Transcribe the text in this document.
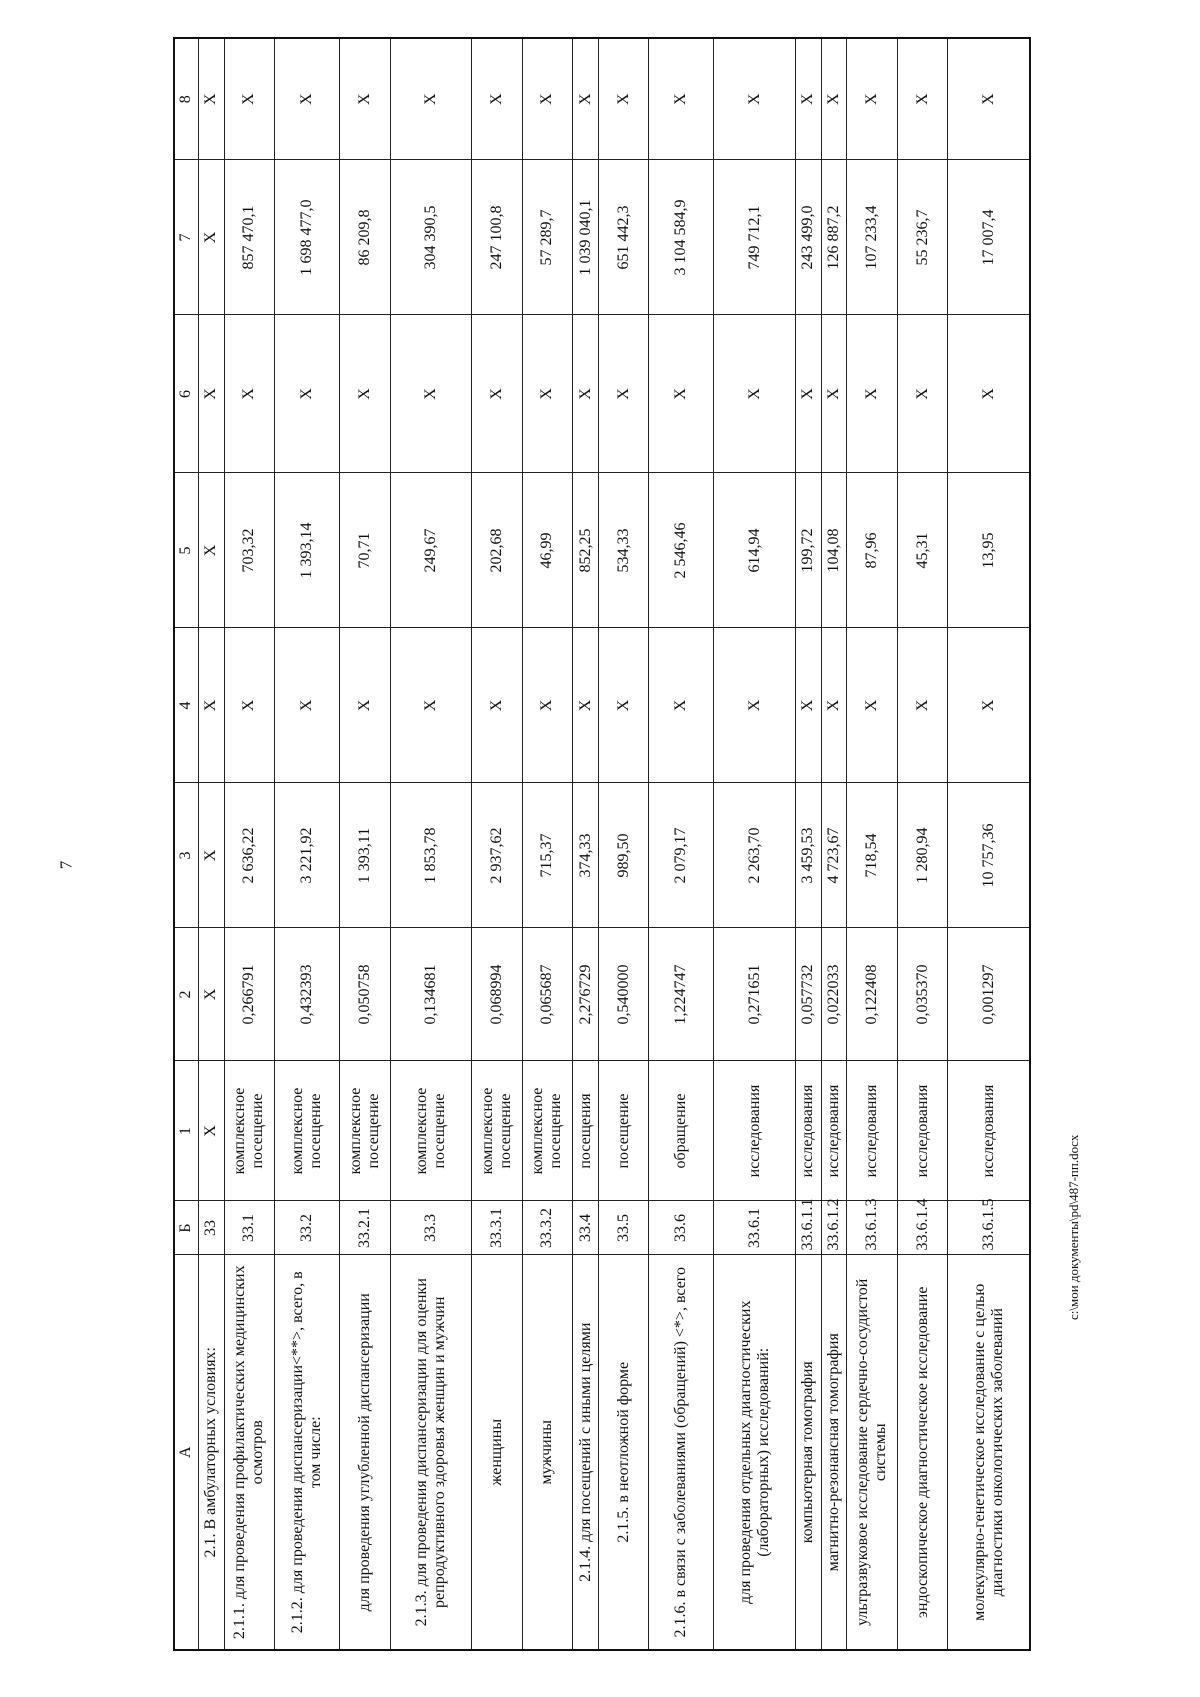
7
А	Б	1	2	3	4	5	6	7	8
2.1. В амбулаторных условиях:	33	X	X	X	X	X	X	X	X
2.1.1. для проведения профилактических медицинских осмотров	33.1	комплексное посещение	0,266791	2 636,22	X	703,32	X	857 470,1	X
2.1.2. для проведения диспансеризации<**>, всего, в том числе:	33.2	комплексное посещение	0,432393	3 221,92	X	1 393,14	X	1 698 477,0	X
для проведения углубленной диспансеризации	33.2.1	комплексное посещение	0,050758	1 393,11	X	70,71	X	86 209,8	X
2.1.3. для проведения диспансеризации для оценки репродуктивного здоровья женщин и мужчин	33.3	комплексное посещение	0,134681	1 853,78	X	249,67	X	304 390,5	X
женщины	33.3.1	комплексное посещение	0,068994	2 937,62	X	202,68	X	247 100,8	X
мужчины	33.3.2	комплексное посещение	0,065687	715,37	X	46,99	X	57 289,7	X
2.1.4. для посещений с иными целями	33.4	посещения	2,276729	374,33	X	852,25	X	1 039 040,1	X
2.1.5. в неотложной форме	33.5	посещение	0,540000	989,50	X	534,33	X	651 442,3	X
2.1.6. в связи с заболеваниями (обращений) <*>, всего	33.6	обращение	1,224747	2 079,17	X	2 546,46	X	3 104 584,9	X
для проведения отдельных диагностических (лабораторных) исследований:	33.6.1	исследования	0,271651	2 263,70	X	614,94	X	749 712,1	X
компьютерная томография	33.6.1.1	исследования	0,057732	3 459,53	X	199,72	X	243 499,0	X
магнитно-резонансная томография	33.6.1.2	исследования	0,022033	4 723,67	X	104,08	X	126 887,2	X
ультразвуковое исследование сердечно-сосудистой системы	33.6.1.3	исследования	0,122408	718,54	X	87,96	X	107 233,4	X
эндоскопическое диагностическое исследование	33.6.1.4	исследования	0,035370	1 280,94	X	45,31	X	55 236,7	X
молекулярно-генетическое исследование с целью диагностики онкологических заболеваний	33.6.1.5	исследования	0,001297	10 757,36	X	13,95	X	17 007,4	X
c:\мои документы\pd\487-пп.docx
